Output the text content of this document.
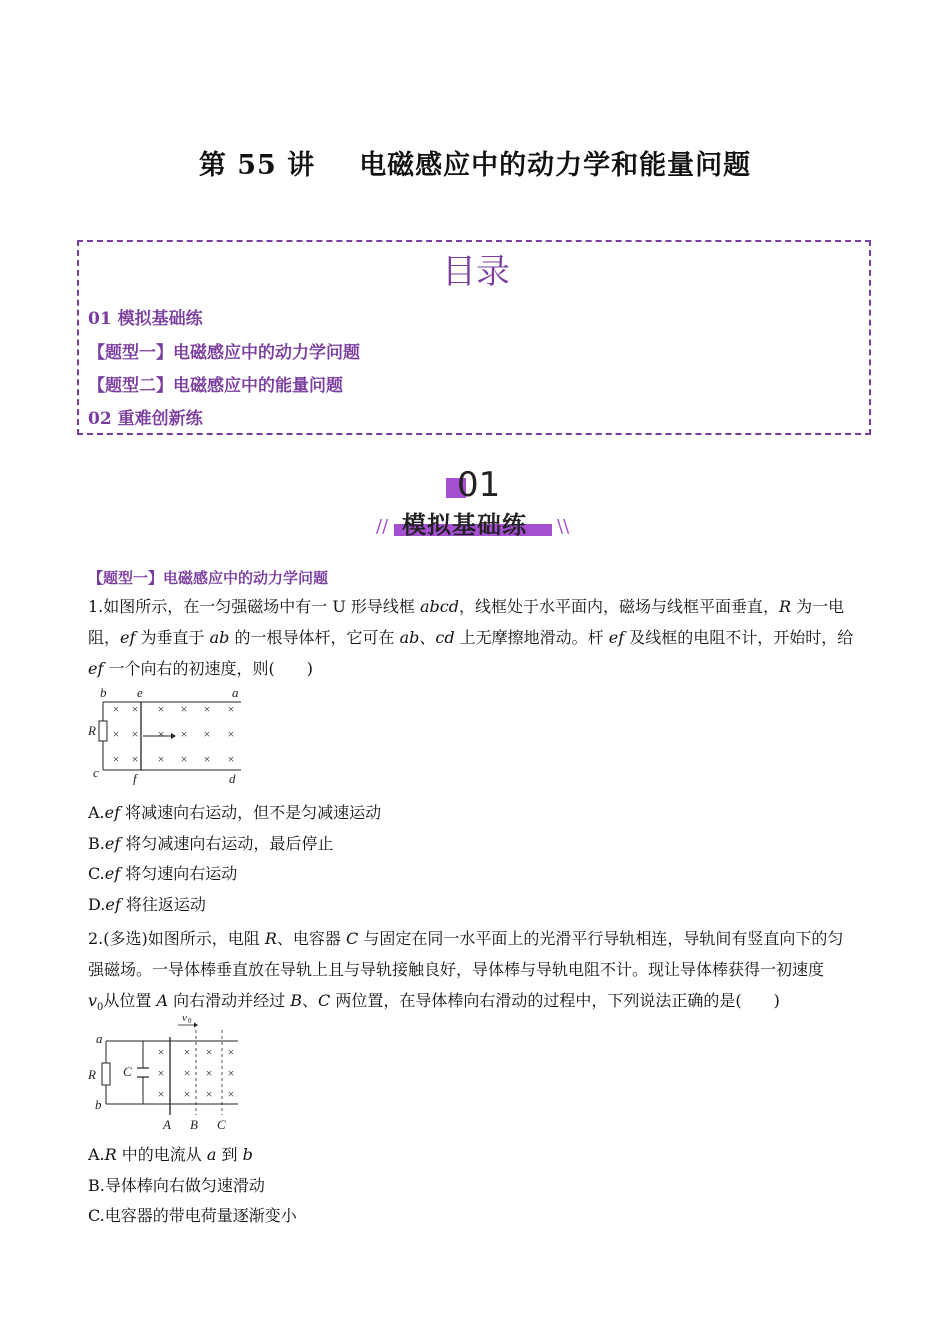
第 55 讲 电磁感应中的动力学和能量问题
目录
01 模拟基础练
【题型一】电磁感应中的动力学问题
【题型二】电磁感应中的能量问题
02 重难创新练
01
模拟基础练
//	\\
【题型一】电磁感应中的动力学问题
1.如图所示，在一匀强磁场中有一 U 形导线框 abcd，线框处于水平面内，磁场与线框平面垂直，R 为一电
阻，ef 为垂直于 ab 的一根导体杆，它可在 ab、cd 上无摩擦地滑动。杆 ef 及线框的电阻不计，开始时，给
ef 一个向右的初速度，则(　　)
b e	a
R
c	f	d
× × × × × ×
× × × × × ×
× × × × × ×
A.ef 将减速向右运动，但不是匀减速运动
B.ef 将匀减速向右运动，最后停止
C.ef 将匀速向右运动
D.ef 将往返运动
2.(多选)如图所示，电阻 R、电容器 C 与固定在同一水平面上的光滑平行导轨相连，导轨间有竖直向下的匀
强磁场。一导体棒垂直放在导轨上且与导轨接触良好，导体棒与导轨电阻不计。现让导体棒获得一初速度
$v_0$从位置 A 向右滑动并经过 B、C 两位置，在导体棒向右滑动的过程中，下列说法正确的是(　　)
v 0
a
b
R C
A B C
× × × ×
× × × ×
× × × ×
A.R 中的电流从 a 到 b
B.导体棒向右做匀速滑动
C.电容器的带电荷量逐渐变小
